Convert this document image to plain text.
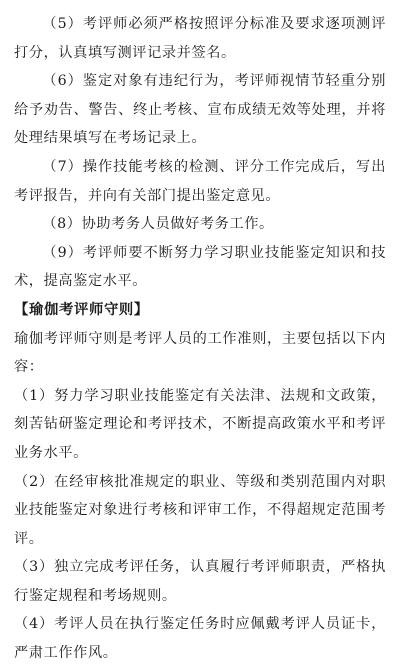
（5）考评师必须严格按照评分标准及要求逐项测评打分，认真填写测评记录并签名。

（6）鉴定对象有违纪行为，考评师视情节轻重分别给予劝告、警告、终止考核、宣布成绩无效等处理，并将处理结果填写在考场记录上。

（7）操作技能考核的检测、评分工作完成后，写出考评报告，并向有关部门提出鉴定意见。

（8）协助考务人员做好考务工作。

（9）考评师要不断努力学习职业技能鉴定知识和技术，提高鉴定水平。

【瑜伽考评师守则】

瑜伽考评师守则是考评人员的工作准则，主要包括以下内容：

（1）努力学习职业技能鉴定有关法津、法规和文政策，刻苦钻研鉴定理论和考评技术，不断提高政策水平和考评业务水平。

（2）在经审核批准规定的职业、等级和类别范围内对职业技能鉴定对象进行考核和评审工作，不得超规定范围考评。

（3）独立完成考评任务，认真履行考评师职责，严格执行鉴定规程和考场规则。

（4）考评人员在执行鉴定任务时应佩戴考评人员证卡，严肃工作作风。
